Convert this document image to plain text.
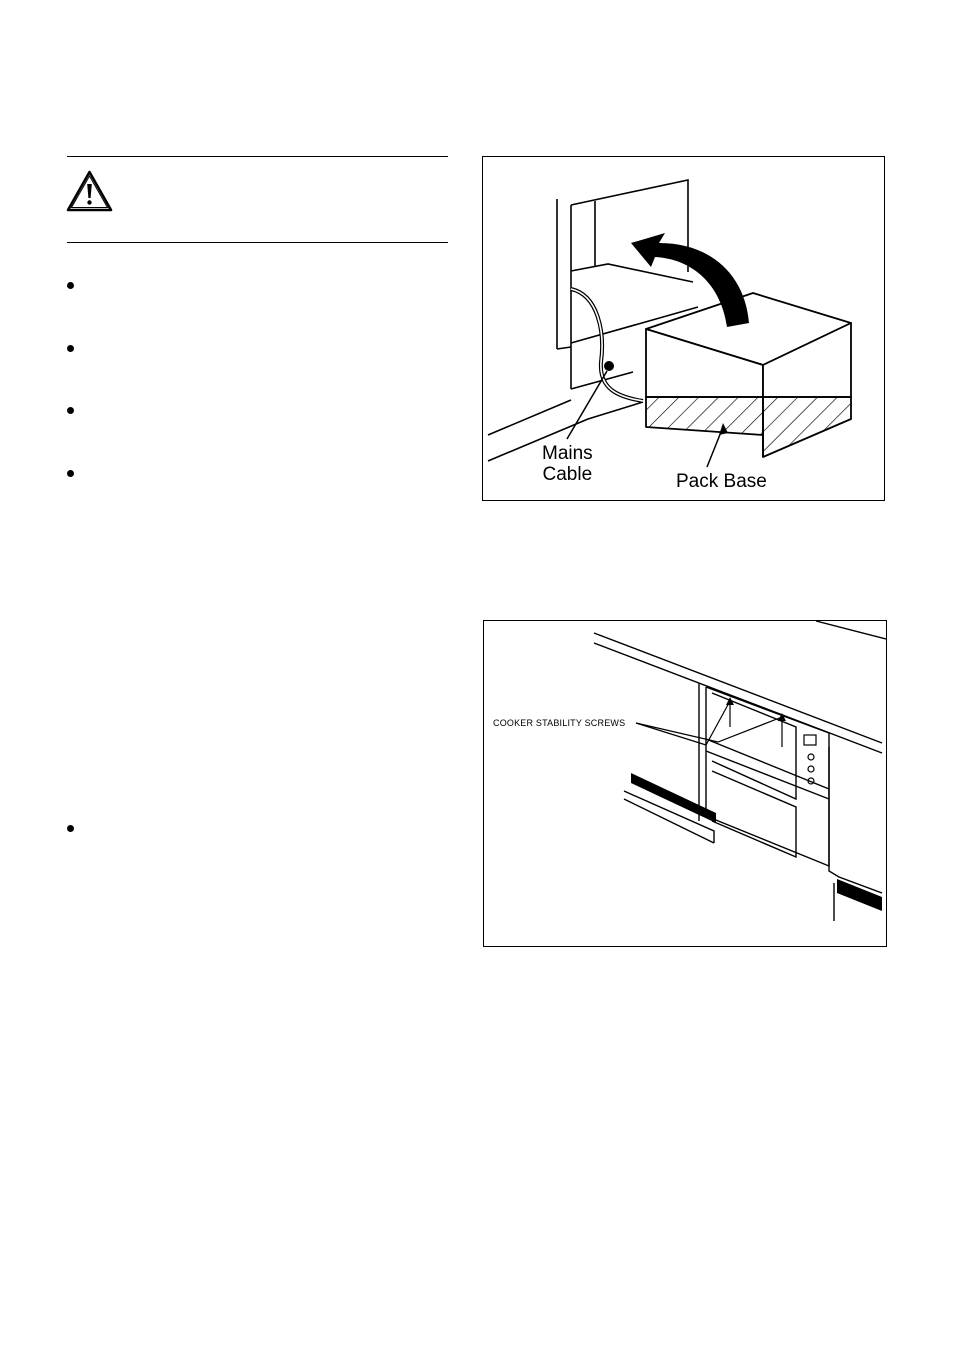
Mains
Cable	Pack Base
COOKER STABILITY SCREWS
